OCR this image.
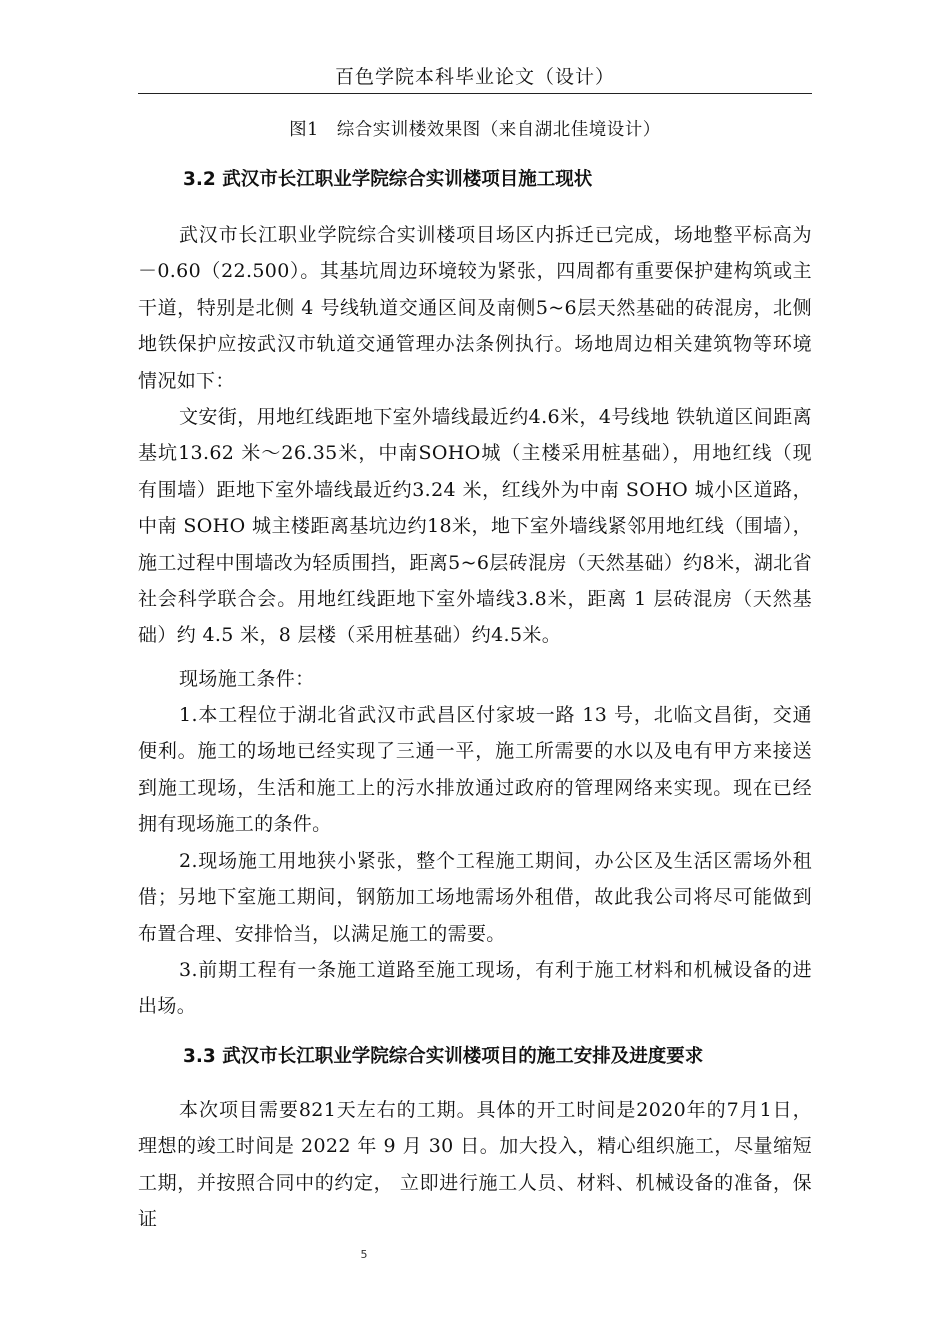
百色学院本科毕业论文（设计）
图1　综合实训楼效果图（来自湖北佳境设计）
3.2 武汉市长江职业学院综合实训楼项目施工现状
武汉市长江职业学院综合实训楼项目场区内拆迁已完成，场地整平标高为－0.60（22.500）。其基坑周边环境较为紧张，四周都有重要保护建构筑或主干道，特别是北侧 4 号线轨道交通区间及南侧5~6层天然基础的砖混房，北侧地铁保护应按武汉市轨道交通管理办法条例执行。场地周边相关建筑物等环境情况如下：
文安街，用地红线距地下室外墙线最近约4.6米，4号线地 铁轨道区间距离基坑13.62 米～26.35米，中南SOHO城（主楼采用桩基础），用地红线（现有围墙）距地下室外墙线最近约3.24 米，红线外为中南 SOHO 城小区道路，中南 SOHO 城主楼距离基坑边约18米，地下室外墙线紧邻用地红线（围墙），施工过程中围墙改为轻质围挡，距离5~6层砖混房（天然基础）约8米，湖北省社会科学联合会。用地红线距地下室外墙线3.8米，距离 1 层砖混房（天然基础）约 4.5 米，8 层楼（采用桩基础）约4.5米。
现场施工条件：
1.本工程位于湖北省武汉市武昌区付家坡一路 13 号，北临文昌街，交通便利。施工的场地已经实现了三通一平，施工所需要的水以及电有甲方来接送到施工现场，生活和施工上的污水排放通过政府的管理网络来实现。现在已经拥有现场施工的条件。
2.现场施工用地狭小紧张，整个工程施工期间，办公区及生活区需场外租借；另地下室施工期间，钢筋加工场地需场外租借，故此我公司将尽可能做到布置合理、安排恰当，以满足施工的需要。
3.前期工程有一条施工道路至施工现场，有利于施工材料和机械设备的进出场。
3.3 武汉市长江职业学院综合实训楼项目的施工安排及进度要求
本次项目需要821天左右的工期。具体的开工时间是2020年的7月1日，理想的竣工时间是 2022 年 9 月 30 日。加大投入，精心组织施工，尽量缩短工期，并按照合同中的约定， 立即进行施工人员、材料、机械设备的准备，保证
5
